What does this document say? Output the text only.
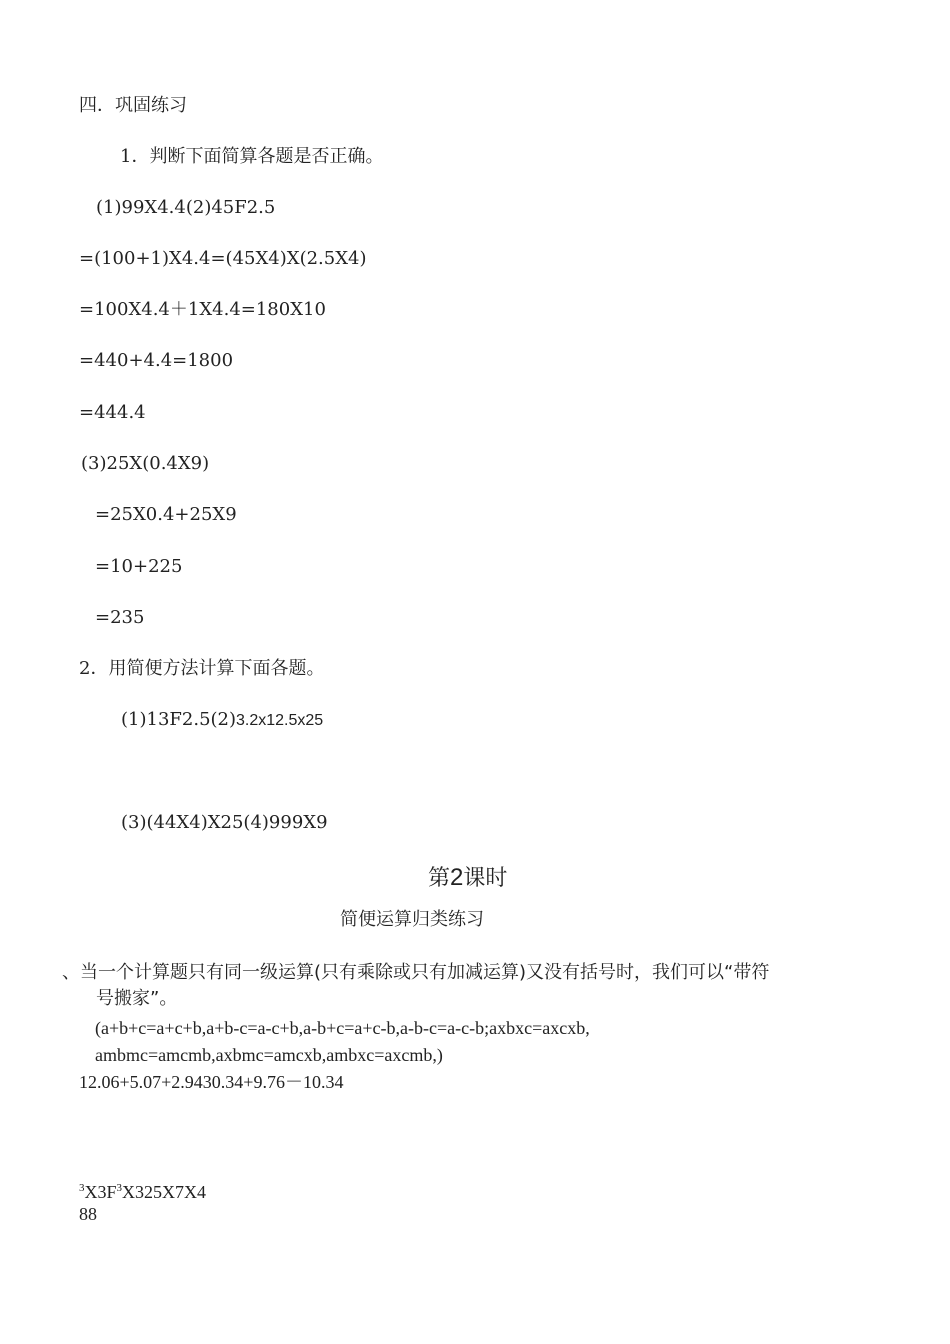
四．巩固练习
1．判断下面简算各题是否正确。
(1)99X4.4(2)45F2.5
=(100+1)X4.4=(45X4)X(2.5X4)
=100X4.4＋1X4.4=180X10
=440+4.4=1800
=444.4
(3)25X(0.4X9)
=25X0.4+25X9
=10+225
=235
2．用简便方法计算下面各题。
(1)13F2.5(2)3.2x12.5x25
(3)(44X4)X25(4)999X9
第2课时
简便运算归类练习
、当一个计算题只有同一级运算(只有乘除或只有加减运算)又没有括号时，我们可以“带符
号搬家”。
(a+b+c=a+c+b,a+b-c=a-c+b,a-b+c=a+c-b,a-b-c=a-c-b;axbxc=axcxb,
ambmc=amcmb,axbmc=amcxb,ambxc=axcmb,)
12.06+5.07+2.9430.34+9.76－10.34
$^3X3F^3X325X7X4$
88
